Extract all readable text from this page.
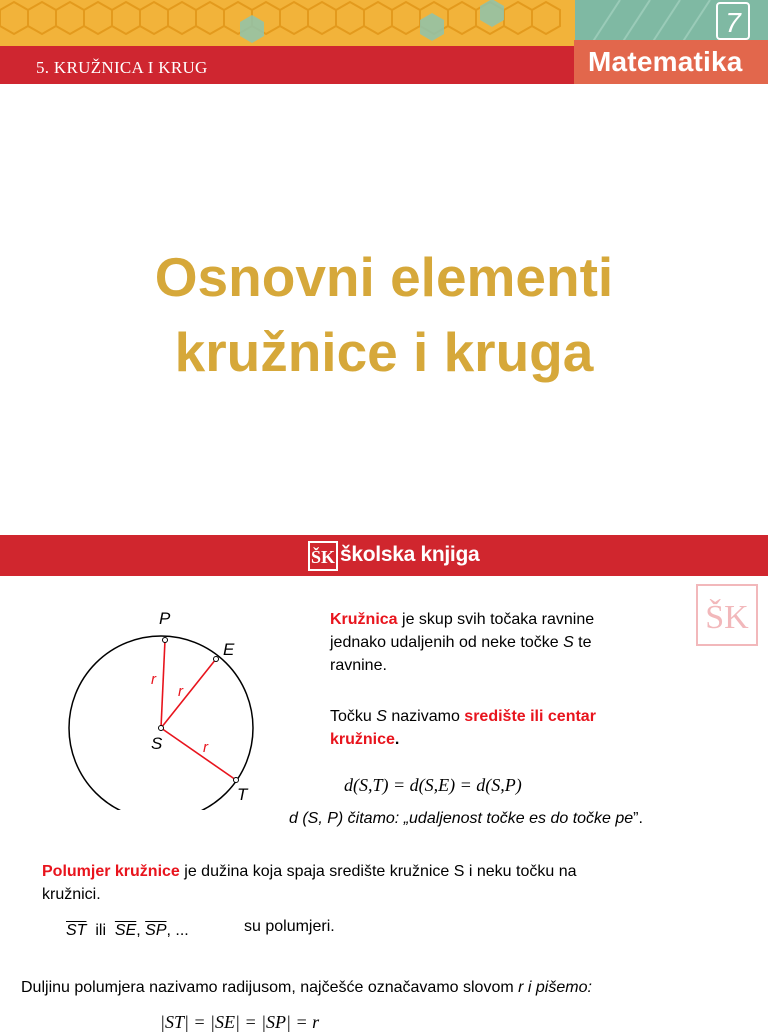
5. KRUŽNICA I KRUG	Matematika
7
Osnovni elementi
kružnice i kruga
ŠK školska knjiga
ŠK
P
E
S
T
r
r
r
Kružnica je skup svih točaka ravnine
jednako udaljenih od neke točke S te
ravnine.
Točku S nazivamo središte ili centar
kružnice.
d(S,T) = d(S,E) = d(S,P)
d (S, P) čitamo: „udaljenost točke es do točke pe”.
Polumjer kružnice je dužina koja spaja središte kružnice S i neku točku na
kružnici.
$\overline{ST}$ ili $\overline{SE}$, $\overline{SP}$, ...	su polumjeri.
Duljinu polumjera nazivamo radijusom, najčešće označavamo slovom r i pišemo:
|ST| = |SE| = |SP| = r
